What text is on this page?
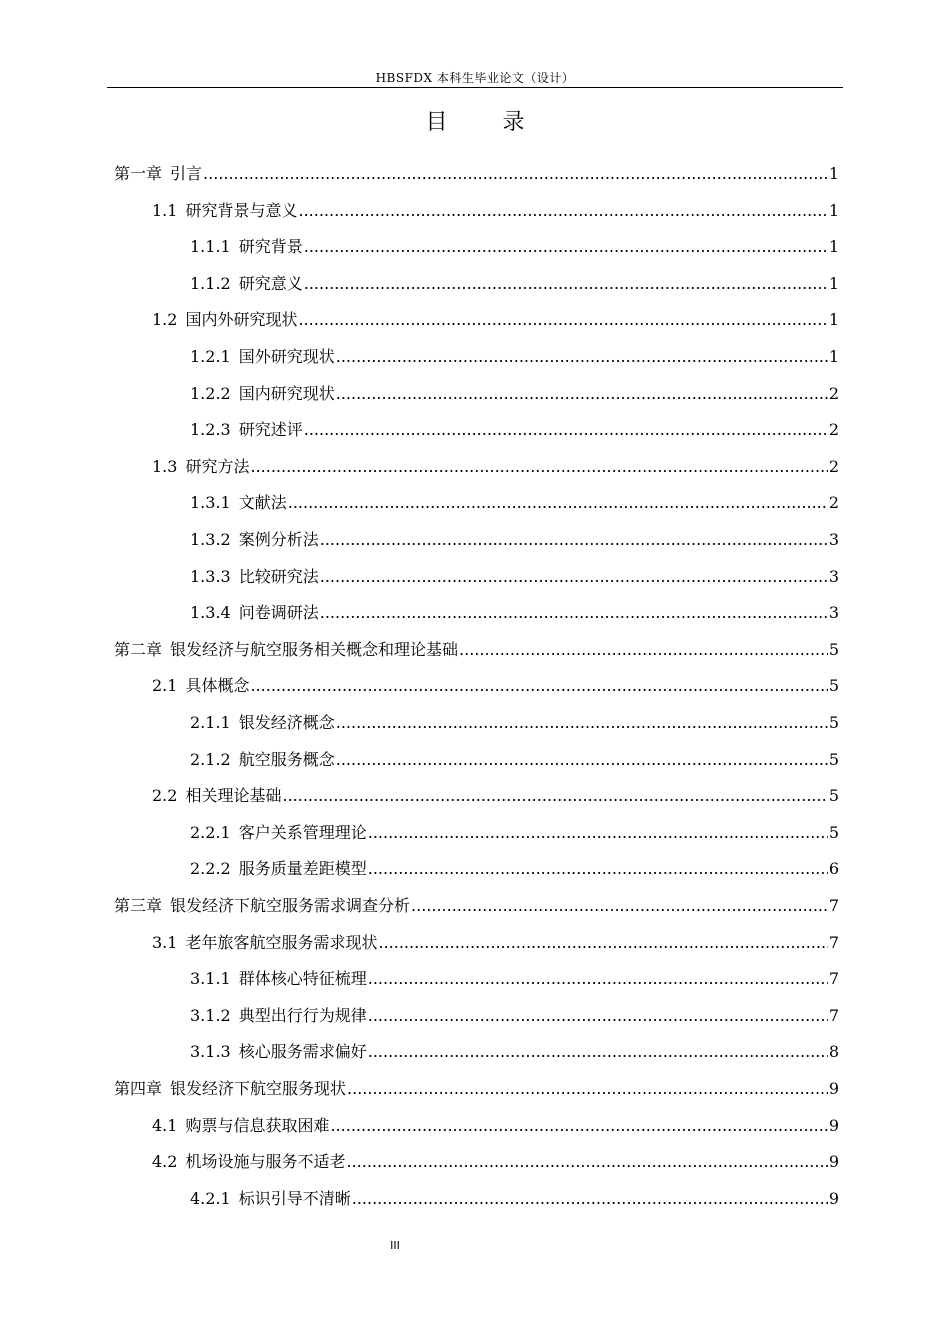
HBSFDX 本科生毕业论文（设计）
目 录
第一章 引言 .....	1
1.1 研究背景与意义 .....	1
1.1.1 研究背景 .....	1
1.1.2 研究意义 .....	1
1.2 国内外研究现状 .....	1
1.2.1 国外研究现状 .....	1
1.2.2 国内研究现状 .....	2
1.2.3 研究述评 .....	2
1.3 研究方法 .....	2
1.3.1 文献法 .....	2
1.3.2 案例分析法 .....	3
1.3.3 比较研究法 .....	3
1.3.4 问卷调研法 .....	3
第二章 银发经济与航空服务相关概念和理论基础 .....	5
2.1 具体概念 .....	5
2.1.1 银发经济概念 .....	5
2.1.2 航空服务概念 .....	5
2.2 相关理论基础 .....	5
2.2.1 客户关系管理理论 .....	5
2.2.2 服务质量差距模型 .....	6
第三章 银发经济下航空服务需求调查分析 .....	7
3.1 老年旅客航空服务需求现状 .....	7
3.1.1 群体核心特征梳理 .....	7
3.1.2 典型出行行为规律 .....	7
3.1.3 核心服务需求偏好 .....	8
第四章 银发经济下航空服务现状 .....	9
4.1 购票与信息获取困难 .....	9
4.2 机场设施与服务不适老 .....	9
4.2.1 标识引导不清晰 .....	9
III
